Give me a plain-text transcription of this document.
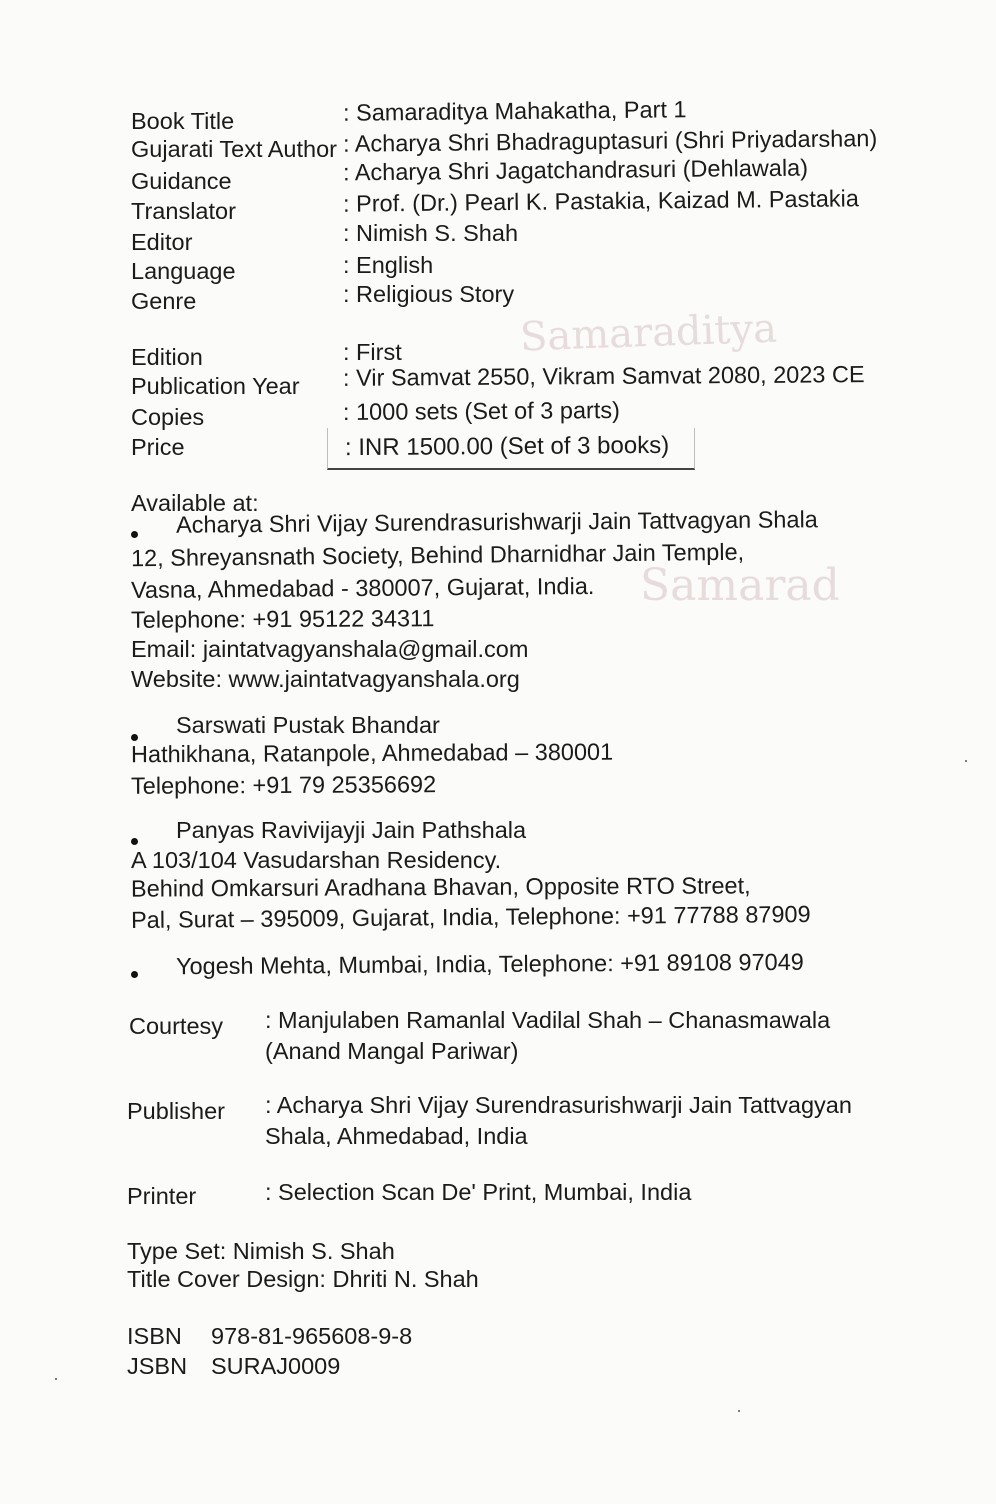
Samaraditya
Samarad
Book Title	: Samaraditya Mahakatha, Part 1
Gujarati Text Author : Acharya Shri Bhadraguptasuri (Shri Priyadarshan)
Guidance	: Acharya Shri Jagatchandrasuri (Dehlawala)
Translator	: Prof. (Dr.) Pearl K. Pastakia, Kaizad M. Pastakia
Editor	: Nimish S. Shah
Language	: English
Genre	: Religious Story
Edition	: First
Publication Year : Vir Samvat 2550, Vikram Samvat 2080, 2023 CE
Copies	: 1000 sets (Set of 3 parts)
Price	: INR 1500.00 (Set of 3 books)
Available at:
Acharya Shri Vijay Surendrasurishwarji Jain Tattvagyan Shala
12, Shreyansnath Society, Behind Dharnidhar Jain Temple,
Vasna, Ahmedabad - 380007, Gujarat, India.
Telephone: +91 95122 34311
Email: jaintatvagyanshala@gmail.com
Website: www.jaintatvagyanshala.org
Sarswati Pustak Bhandar
Hathikhana, Ratanpole, Ahmedabad – 380001
Telephone: +91 79 25356692
Panyas Ravivijayji Jain Pathshala
A 103/104 Vasudarshan Residency.
Behind Omkarsuri Aradhana Bhavan, Opposite RTO Street,
Pal, Surat – 395009, Gujarat, India, Telephone: +91 77788 87909
Yogesh Mehta, Mumbai, India, Telephone: +91 89108 97049
Courtesy : Manjulaben Ramanlal Vadilal Shah – Chanasmawala
(Anand Mangal Pariwar)
Publisher : Acharya Shri Vijay Surendrasurishwarji Jain Tattvagyan
Shala, Ahmedabad, India
Printer	: Selection Scan De' Print, Mumbai, India
Type Set: Nimish S. Shah
Title Cover Design: Dhriti N. Shah
ISBN 978-81-965608-9-8
JSBN SURAJ0009
